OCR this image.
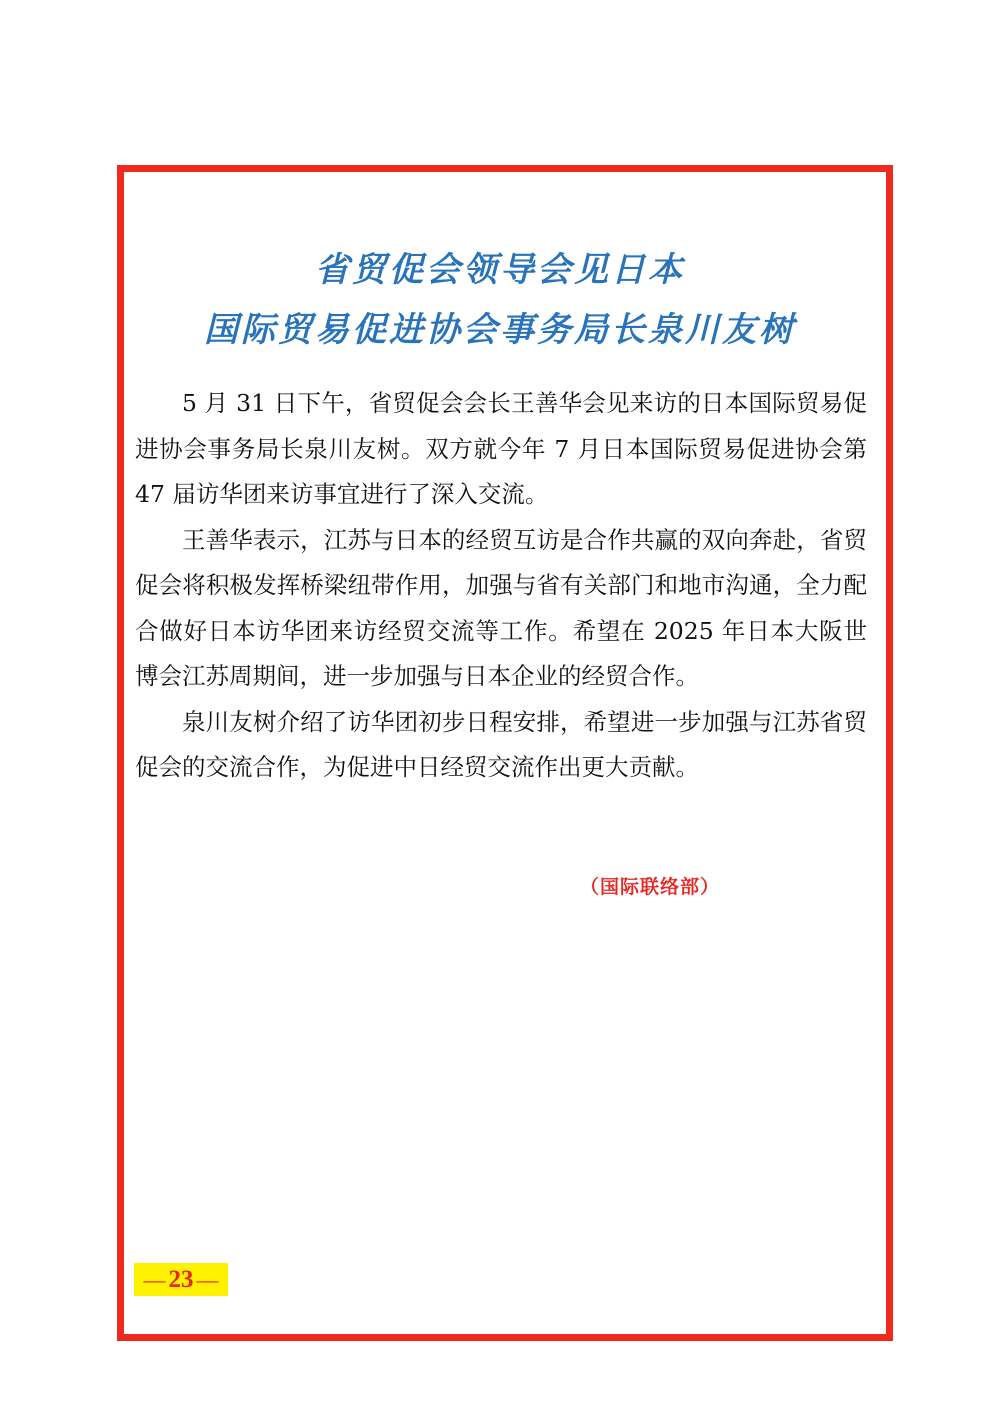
省贸促会领导会见日本
国际贸易促进协会事务局长泉川友树

5 月 31 日下午，省贸促会会长王善华会见来访的日本国际贸易促进协会事务局长泉川友树。双方就今年 7 月日本国际贸易促进协会第 47 届访华团来访事宜进行了深入交流。

王善华表示，江苏与日本的经贸互访是合作共赢的双向奔赴，省贸促会将积极发挥桥梁纽带作用，加强与省有关部门和地市沟通，全力配合做好日本访华团来访经贸交流等工作。希望在 2025 年日本大阪世博会江苏周期间，进一步加强与日本企业的经贸合作。

泉川友树介绍了访华团初步日程安排，希望进一步加强与江苏省贸促会的交流合作，为促进中日经贸交流作出更大贡献。

（国际联络部）
— 23 —
